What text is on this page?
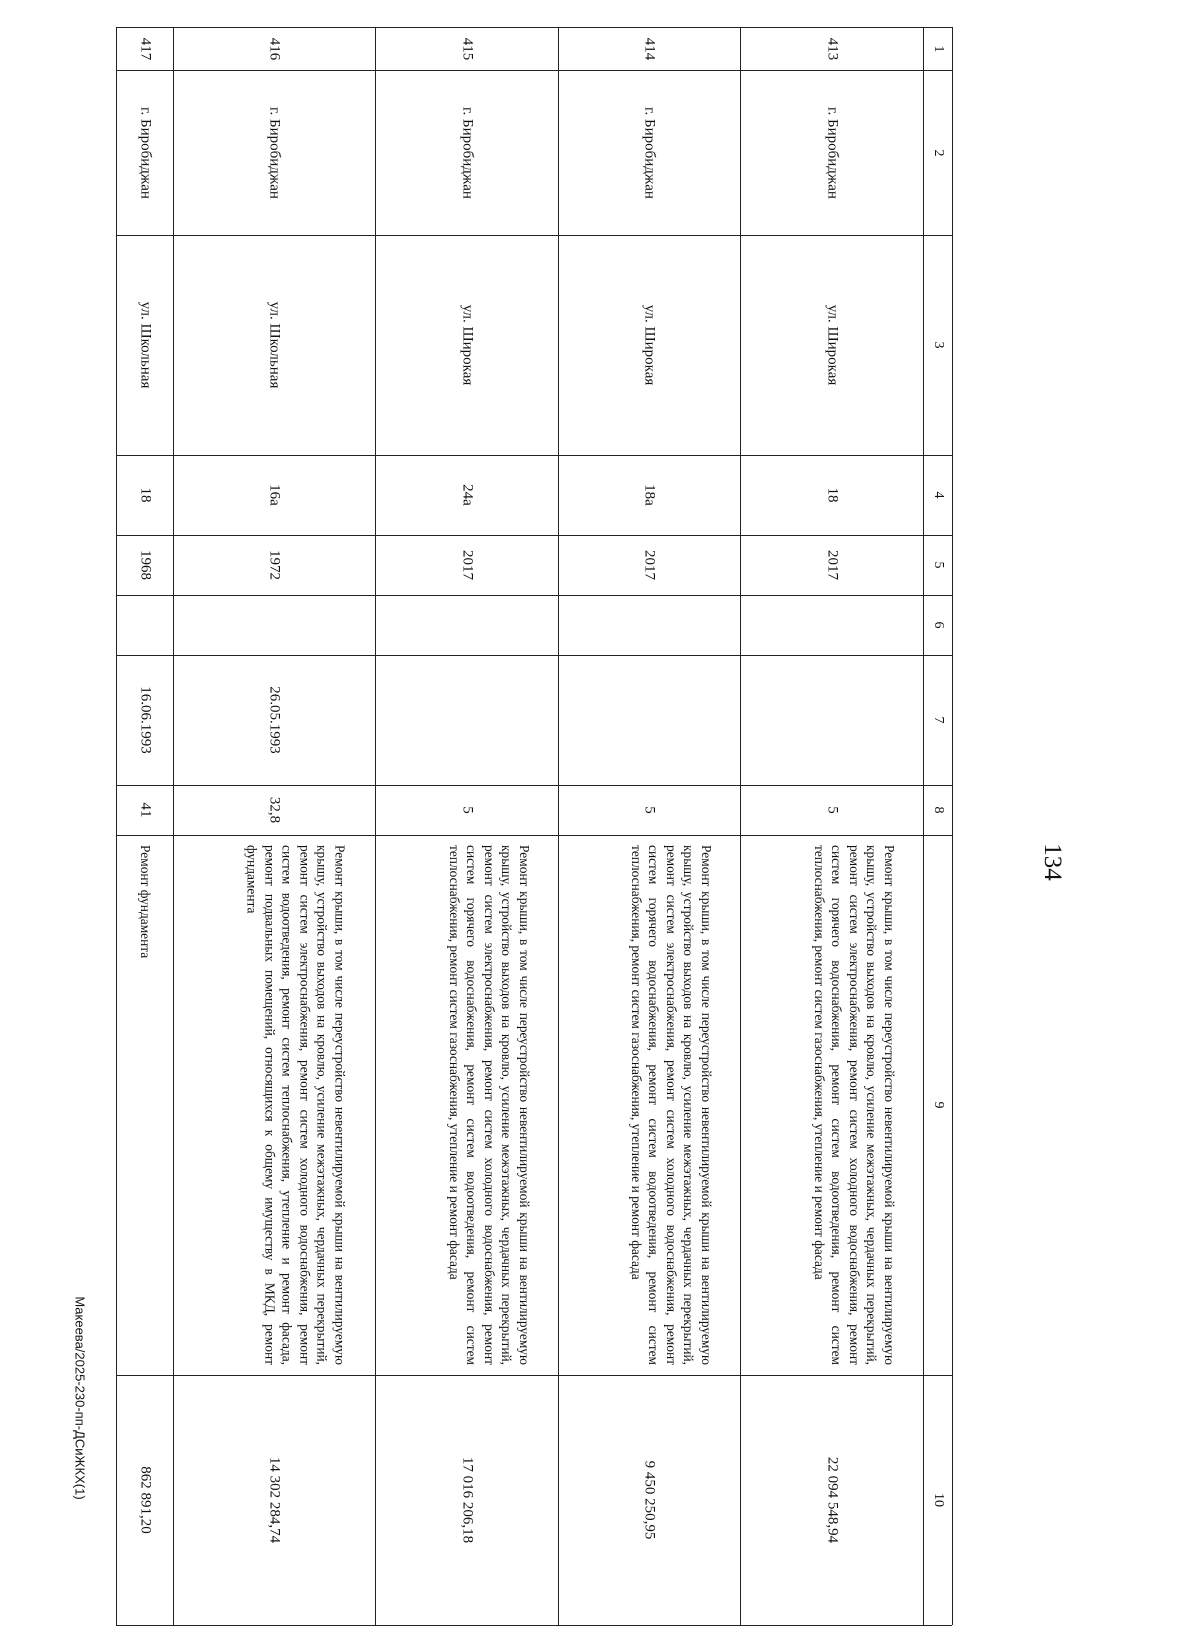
134
Макеева/2025-230-пп-ДСиЖКХ(1)
1
2
3
4
5
6
7
8
9
10
413
г. Биробиджан
ул. Широкая
18
2017
5
Ремонт крыши, в том числе переустройство невентилируемой крыши на вентилируемую крышу, устройство выходов на кровлю, усиление межэтажных, чердачных перекрытий, ремонт систем электроснабжения, ремонт систем холодного водоснабжения, ремонт систем горячего водоснабжения, ремонт систем водоотведения, ремонт систем теплоснабжения, ремонт систем газоснабжения, утепление и ремонт фасада
22 094 548,94
414
г. Биробиджан
ул. Широкая
18а
2017
5
Ремонт крыши, в том числе переустройство невентилируемой крыши на вентилируемую крышу, устройство выходов на кровлю, усиление межэтажных, чердачных перекрытий, ремонт систем электроснабжения, ремонт систем холодного водоснабжения, ремонт систем горячего водоснабжения, ремонт систем водоотведения, ремонт систем теплоснабжения, ремонт систем газоснабжения, утепление и ремонт фасада
9 450 250,95
415
г. Биробиджан
ул. Широкая
24а
2017
5
Ремонт крыши, в том числе переустройство невентилируемой крыши на вентилируемую крышу, устройство выходов на кровлю, усиление межэтажных, чердачных перекрытий, ремонт систем электроснабжения, ремонт систем холодного водоснабжения, ремонт систем горячего водоснабжения, ремонт систем водоотведения, ремонт систем теплоснабжения, ремонт систем газоснабжения, утепление и ремонт фасада
17 016 206,18
416
г. Биробиджан
ул. Школьная
16а
1972
26.05.1993
32,8
Ремонт крыши, в том числе переустройство невентилируемой крыши на вентилируемую крышу, устройство выходов на кровлю, усиление межэтажных, чердачных перекрытий, ремонт систем электроснабжения, ремонт систем холодного водоснабжения, ремонт систем водоотведения, ремонт систем теплоснабжения, утепление и ремонт фасада, ремонт подвальных помещений, относящихся к общему имуществу в МКД, ремонт фундамента
14 302 284,74
417
г. Биробиджан
ул. Школьная
18
1968
16.06.1993
41
Ремонт фундамента
862 891,20
